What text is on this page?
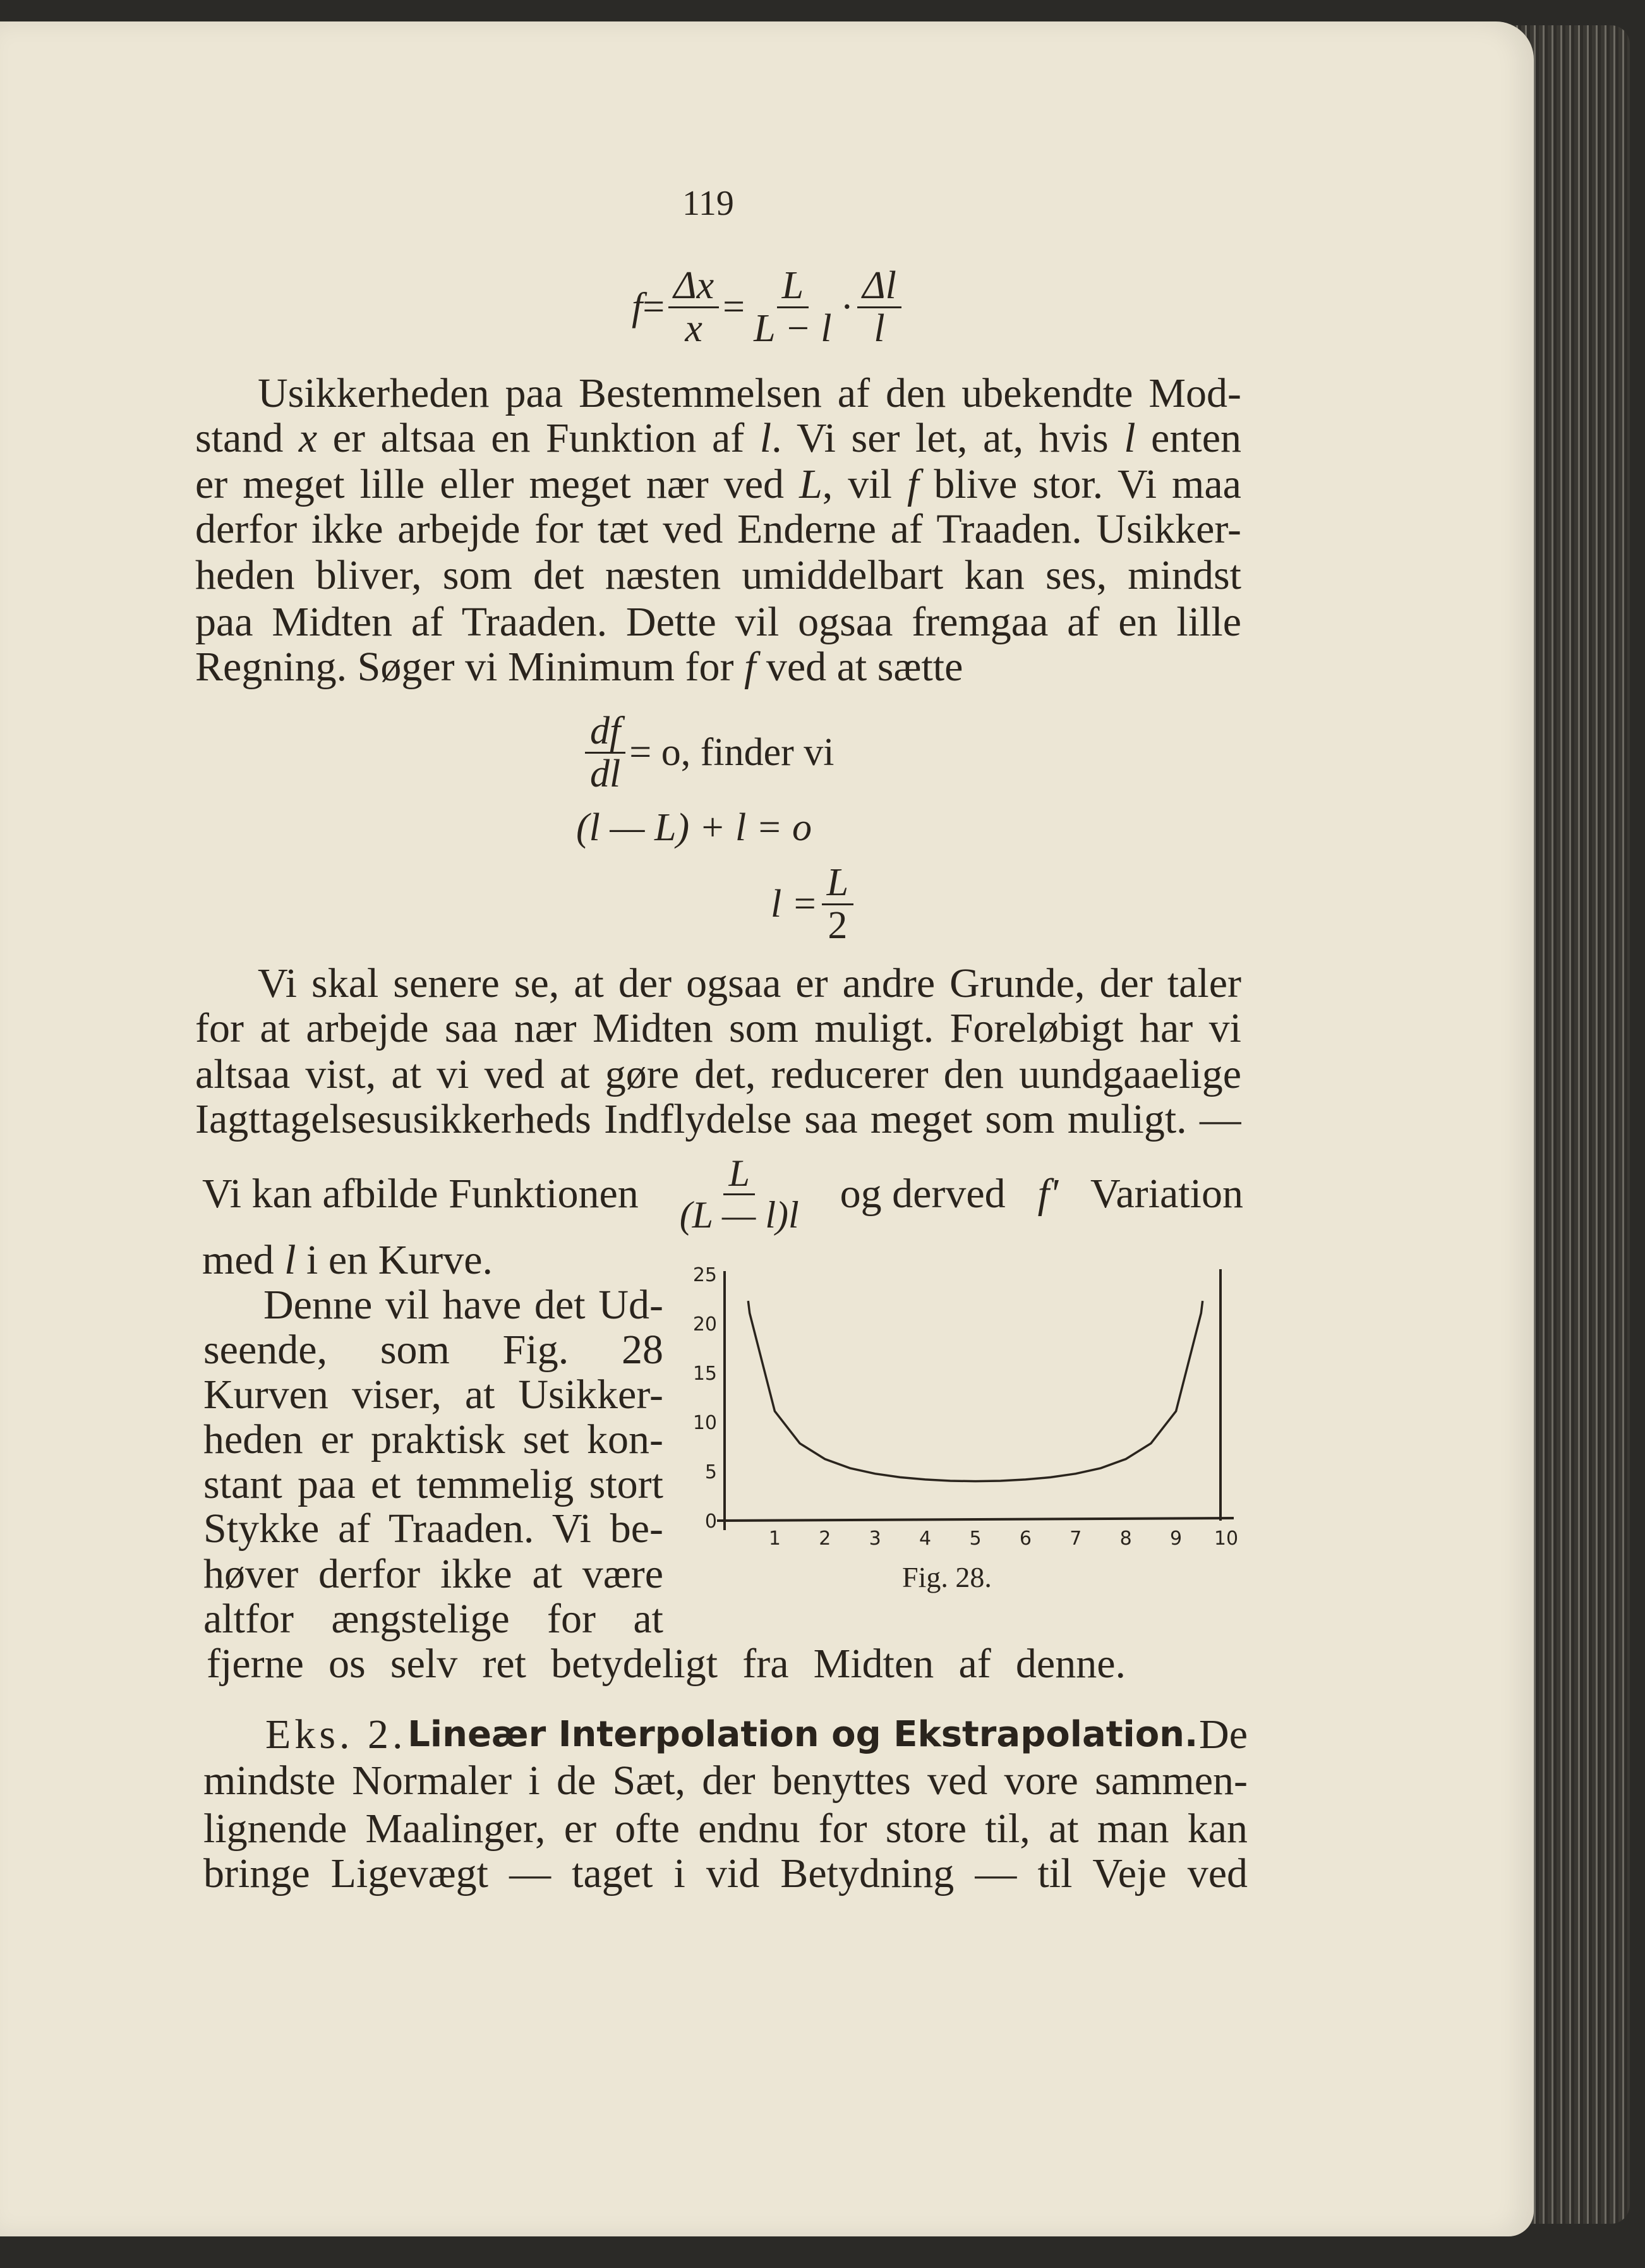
119
$f = \frac{\Delta x}{x} = \frac{L}{L - l} \cdot \frac{\Delta l}{l}$
Usikkerheden paa Bestemmelsen af den ubekendte Mod-
stand x er altsaa en Funktion af l. Vi ser let, at, hvis l enten
er meget lille eller meget nær ved L, vil f blive stor. Vi maa
derfor ikke arbejde for tæt ved Enderne af Traaden. Usikker-
heden bliver, som det næsten umiddelbart kan ses, mindst
paa Midten af Traaden. Dette vil ogsaa fremgaa af en lille
Regning. Søger vi Minimum for f ved at sætte
$\frac{df}{dl} = o$, finder vi
(l — L) + l = o
$l = \frac{L}{2}$
Vi skal senere se, at der ogsaa er andre Grunde, der taler
for at arbejde saa nær Midten som muligt. Foreløbigt har vi
altsaa vist, at vi ved at gøre det, reducerer den uundgaaelige
Iagttagelsesusikkerheds Indflydelse saa meget som muligt. —
Vi kan afbilde Funktionen $\frac{L}{(L — l)l}$ og derved f' Variation
med l i en Kurve.
Denne vil have det Ud-
seende, som Fig. 28
Kurven viser, at Usikker-
heden er praktisk set kon-
stant paa et temmelig stort
Stykke af Traaden. Vi be-
høver derfor ikke at være
altfor ængstelige for at
fjerne os selv ret betydeligt fra Midten af denne.
Eks. 2. Lineær Interpolation og Ekstrapolation. De
mindste Normaler i de Sæt, der benyttes ved vore sammen-
lignende Maalinger, er ofte endnu for store til, at man kan
bringe Ligevægt — taget i vid Betydning — til Veje ved
0
5
10
15
20
25
1 2 3 4 5 6 7 8 9 10
Fig. 28.
